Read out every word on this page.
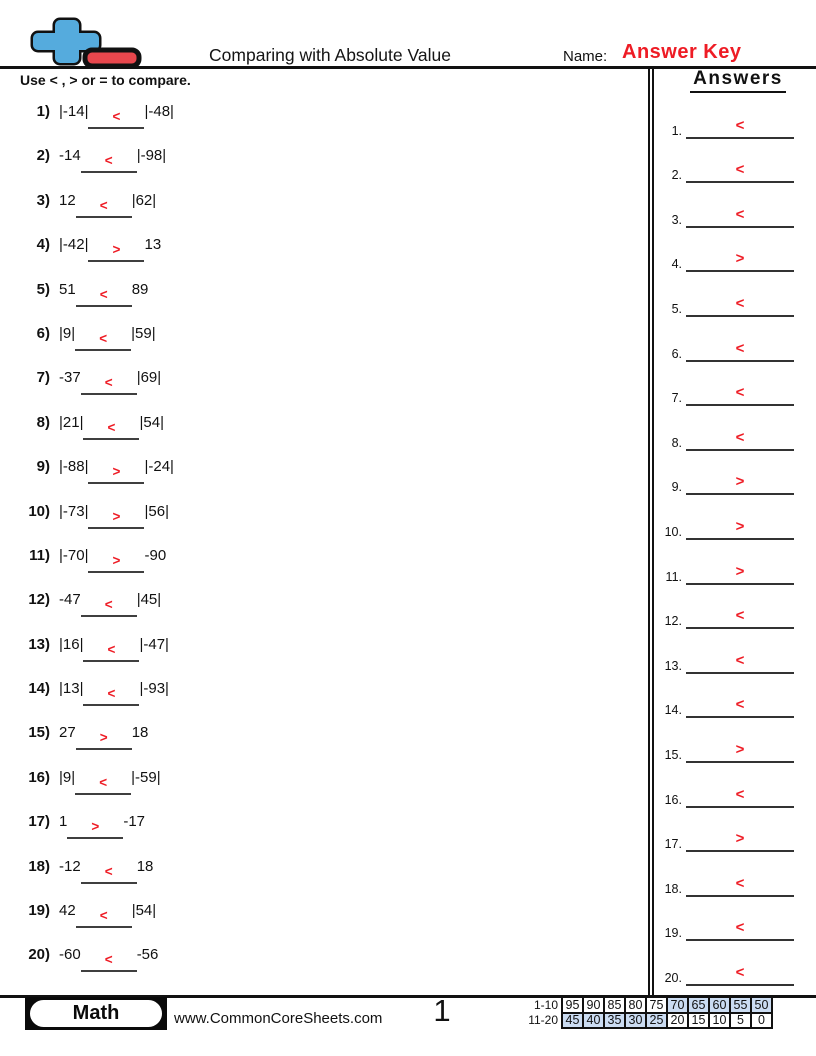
Comparing with Absolute Value	Name: Answer Key
Use < , > or = to compare.
1) |-14| < |-48|
2) -14 < |-98|
3) 12 < |62|
4) |-42| > 13
5) 51 < 89
6) |9| < |59|
7) -37 < |69|
8) |21| < |54|
9) |-88| > |-24|
10) |-73| > |56|
11) |-70| > -90
12) -47 < |45|
13) |16| < |-47|
14) |13| < |-93|
15) 27 > 18
16) |9| < |-59|
17) 1 > -17
18) -12 < 18
19) 42 < |54|
20) -60 < -56
Answers
1.	<
2.	<
3.	<
4.	>
5.	<
6.	<
7.	<
8.	<
9.	>
10.	>
11.	>
12.	<
13.	<
14.	<
15.	>
16.	<
17.	>
18.	<
19.	<
20.	<
Math	www.CommonCoreSheets.com	1	1-10 95 90 85 80 75 70 65 60 55 50
11-20 45 40 35 30 25 20 15 10 5	0
